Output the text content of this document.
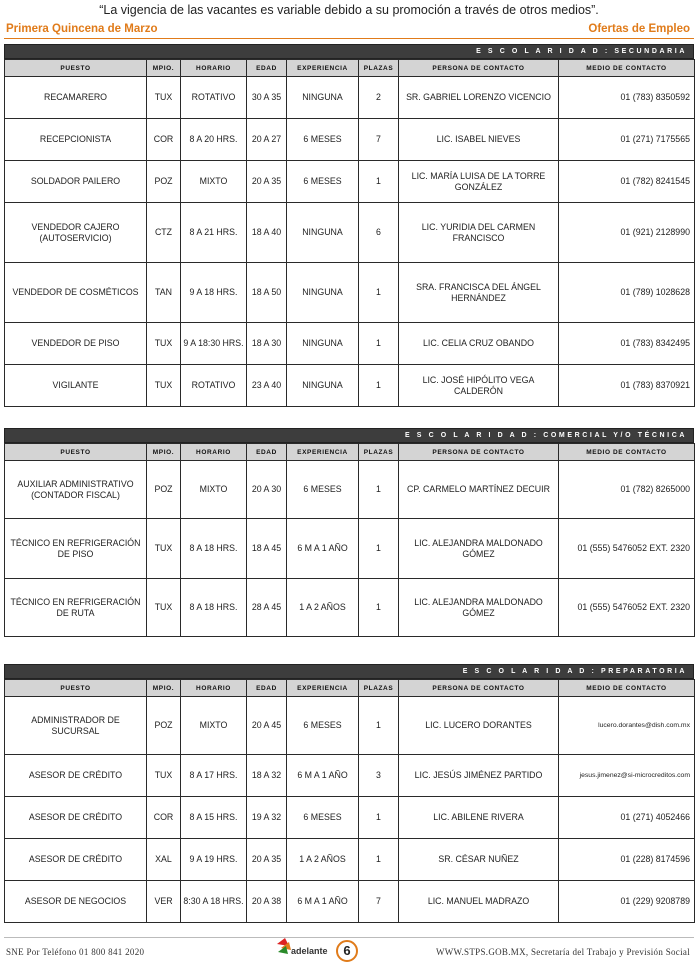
“La vigencia de las vacantes es variable debido a su promoción a través de otros medios”.
Primera Quincena de Marzo	Ofertas de Empleo
E S C O L A R I D A D : SECUNDARIA
PUESTO	MPIO.	HORARIO	EDAD	EXPERIENCIA	PLAZAS	PERSONA DE CONTACTO	MEDIO DE CONTACTO
RECAMARERO	TUX	ROTATIVO	30 A 35	NINGUNA	2	SR. GABRIEL LORENZO VICENCIO	01 (783) 8350592
RECEPCIONISTA	COR	8 A 20 HRS.	20 A 27	6 MESES	7	LIC. ISABEL NIEVES	01 (271) 7175565
SOLDADOR PAILERO	POZ	MIXTO	20 A 35	6 MESES	1	LIC. MARÍA LUISA DE LA TORRE GONZÁLEZ	01 (782) 8241545
VENDEDOR CAJERO (AUTOSERVICIO)	CTZ	8 A 21 HRS.	18 A 40	NINGUNA	6	LIC. YURIDIA DEL CARMEN FRANCISCO	01 (921) 2128990
VENDEDOR DE COSMÉTICOS	TAN	9 A 18 HRS.	18 A 50	NINGUNA	1	SRA. FRANCISCA DEL ÁNGEL HERNÁNDEZ	01 (789) 1028628
VENDEDOR DE PISO	TUX	9 A 18:30 HRS.	18 A 30	NINGUNA	1	LIC. CELIA CRUZ OBANDO	01 (783) 8342495
VIGILANTE	TUX	ROTATIVO	23 A 40	NINGUNA	1	LIC. JOSÉ HIPÓLITO VEGA CALDERÓN	01 (783) 8370921
E S C O L A R I D A D : COMERCIAL Y/O TÉCNICA
PUESTO	MPIO.	HORARIO	EDAD	EXPERIENCIA	PLAZAS	PERSONA DE CONTACTO	MEDIO DE CONTACTO
AUXILIAR ADMINISTRATIVO (CONTADOR FISCAL)	POZ	MIXTO	20 A 30	6 MESES	1	CP. CARMELO MARTÍNEZ DECUIR	01 (782) 8265000
TÉCNICO EN REFRIGERACIÓN DE PISO	TUX	8 A 18 HRS.	18 A 45	6 M A 1 AÑO	1	LIC. ALEJANDRA MALDONADO GÓMEZ	01 (555) 5476052 EXT. 2320
TÉCNICO EN REFRIGERACIÓN DE RUTA	TUX	8 A 18 HRS.	28 A 45	1 A 2 AÑOS	1	LIC. ALEJANDRA MALDONADO GÓMEZ	01 (555) 5476052 EXT. 2320
E S C O L A R I D A D : PREPARATORIA
PUESTO	MPIO.	HORARIO	EDAD	EXPERIENCIA	PLAZAS	PERSONA DE CONTACTO	MEDIO DE CONTACTO
ADMINISTRADOR DE SUCURSAL	POZ	MIXTO	20 A 45	6 MESES	1	LIC. LUCERO DORANTES	lucero.dorantes@dish.com.mx
ASESOR DE CRÉDITO	TUX	8 A 17 HRS.	18 A 32	6 M A 1 AÑO	3	LIC. JESÚS JIMÉNEZ PARTIDO	jesus.jimenez@si-microcreditos.com
ASESOR DE CRÉDITO	COR	8 A 15 HRS.	19 A 32	6 MESES	1	LIC. ABILENE RIVERA	01 (271) 4052466
ASESOR DE CRÉDITO	XAL	9 A 19 HRS.	20 A 35	1 A 2 AÑOS	1	SR. CÉSAR NUÑEZ	01 (228) 8174596
ASESOR DE NEGOCIOS	VER	8:30 A 18 HRS.	20 A 38	6 M A 1 AÑO	7	LIC. MANUEL MADRAZO	01 (229) 9208789
SNE Por Teléfono 01 800 841 2020	adelante	6	WWW.STPS.GOB.MX, Secretaría del Trabajo y Previsión Social
